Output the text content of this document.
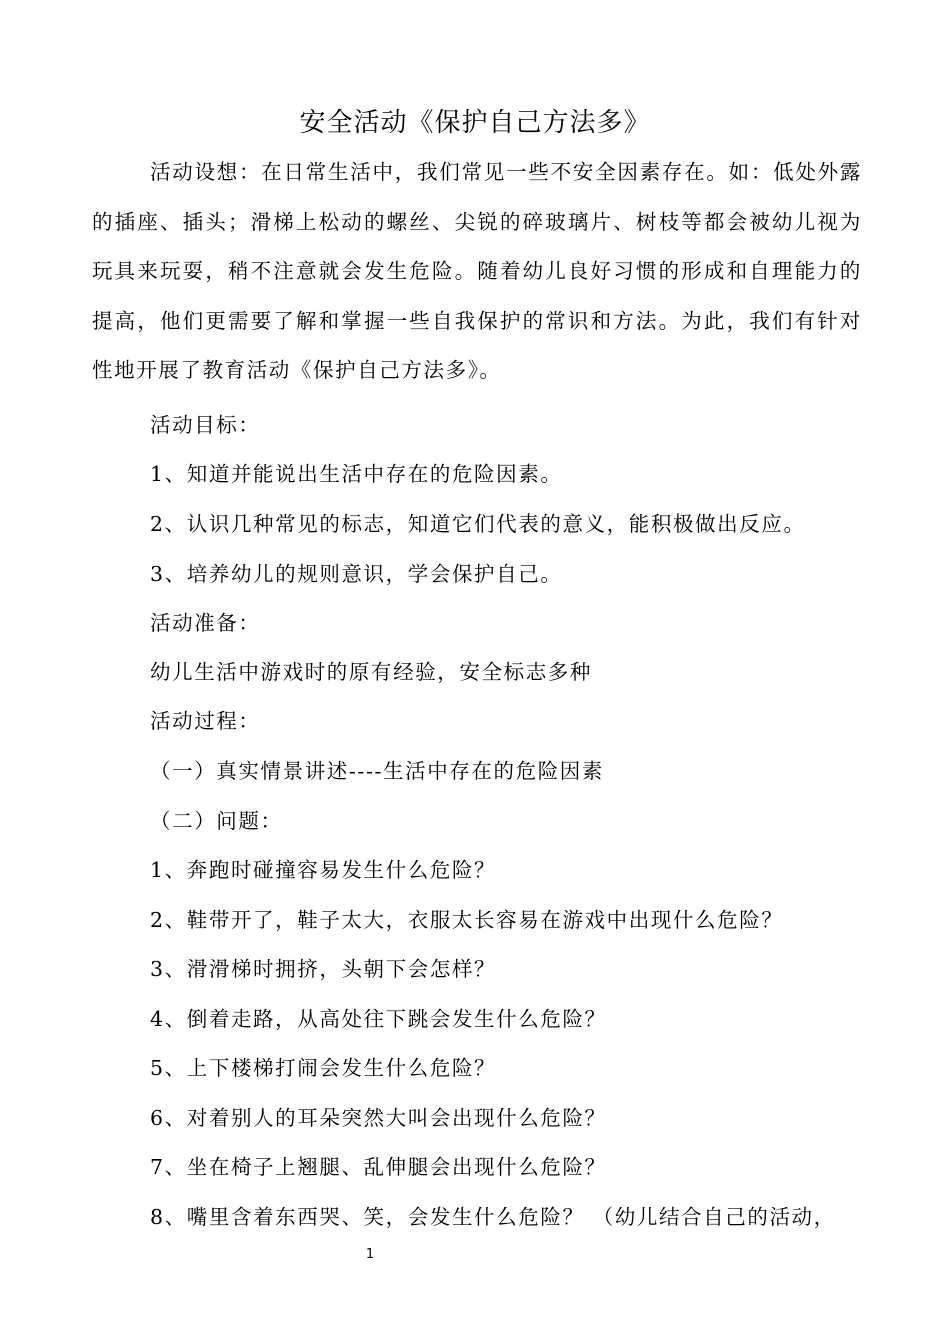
安全活动《保护自己方法多》

活动设想：在日常生活中，我们常见一些不安全因素存在。如：低处外露的插座、插头；滑梯上松动的螺丝、尖锐的碎玻璃片、树枝等都会被幼儿视为玩具来玩耍，稍不注意就会发生危险。随着幼儿良好习惯的形成和自理能力的提高，他们更需要了解和掌握一些自我保护的常识和方法。为此，我们有针对性地开展了教育活动《保护自己方法多》。

活动目标：

1、知道并能说出生活中存在的危险因素。

2、认识几种常见的标志，知道它们代表的意义，能积极做出反应。

3、培养幼儿的规则意识，学会保护自己。

活动准备：

幼儿生活中游戏时的原有经验，安全标志多种

活动过程：

（一）真实情景讲述----生活中存在的危险因素

（二）问题：

1、奔跑时碰撞容易发生什么危险？

2、鞋带开了，鞋子太大，衣服太长容易在游戏中出现什么危险？

3、滑滑梯时拥挤，头朝下会怎样？

4、倒着走路，从高处往下跳会发生什么危险？

5、上下楼梯打闹会发生什么危险？

6、对着别人的耳朵突然大叫会出现什么危险？

7、坐在椅子上翘腿、乱伸腿会出现什么危险？

8、嘴里含着东西哭、笑，会发生什么危险？ （幼儿结合自己的活动，

1
